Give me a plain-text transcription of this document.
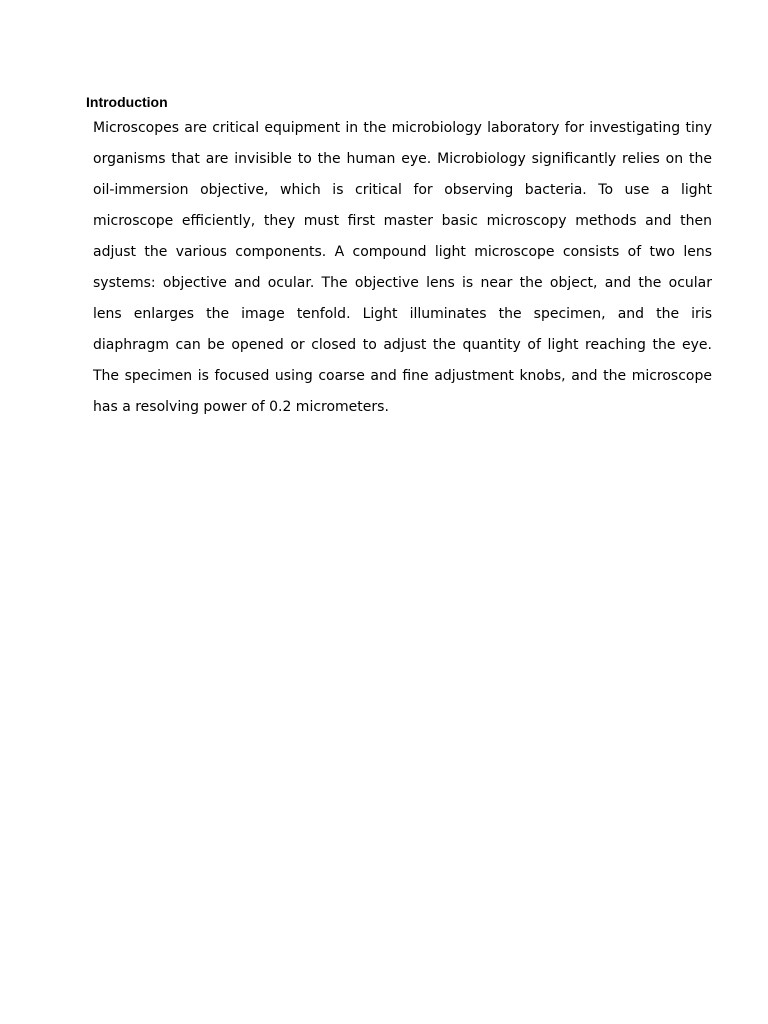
Introduction
Microscopes are critical equipment in the microbiology laboratory for investigating tiny
organisms that are invisible to the human eye. Microbiology significantly relies on the
oil-immersion objective, which is critical for observing bacteria. To use a light
microscope efficiently, they must first master basic microscopy methods and then
adjust the various components. A compound light microscope consists of two lens
systems: objective and ocular. The objective lens is near the object, and the ocular
lens enlarges the image tenfold. Light illuminates the specimen, and the iris
diaphragm can be opened or closed to adjust the quantity of light reaching the eye.
The specimen is focused using coarse and fine adjustment knobs, and the microscope
has a resolving power of 0.2 micrometers.
